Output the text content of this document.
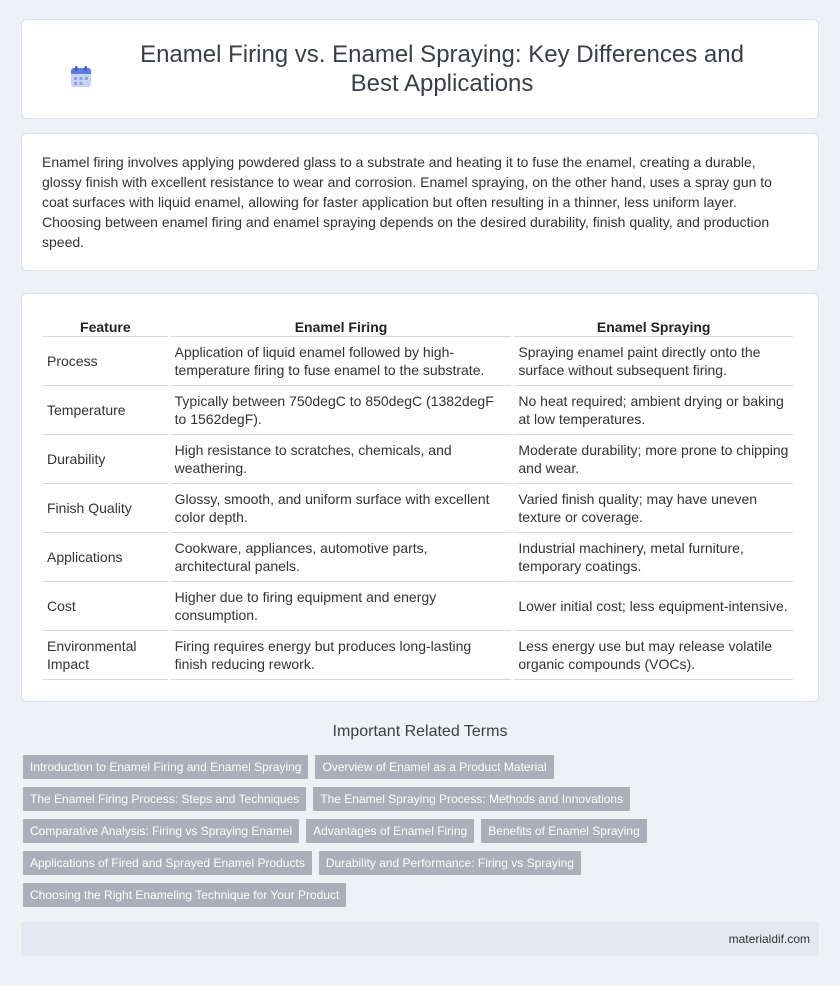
Enamel Firing vs. Enamel Spraying: Key Differences and Best Applications

Enamel firing involves applying powdered glass to a substrate and heating it to fuse the enamel, creating a durable, glossy finish with excellent resistance to wear and corrosion. Enamel spraying, on the other hand, uses a spray gun to coat surfaces with liquid enamel, allowing for faster application but often resulting in a thinner, less uniform layer. Choosing between enamel firing and enamel spraying depends on the desired durability, finish quality, and production speed.

Feature	Enamel Firing	Enamel Spraying
Process	Application of liquid enamel followed by high-temperature firing to fuse enamel to the substrate.	Spraying enamel paint directly onto the surface without subsequent firing.
Temperature	Typically between 750degC to 850degC (1382degF to 1562degF).	No heat required; ambient drying or baking at low temperatures.
Durability	High resistance to scratches, chemicals, and weathering.	Moderate durability; more prone to chipping and wear.
Finish Quality	Glossy, smooth, and uniform surface with excellent color depth.	Varied finish quality; may have uneven texture or coverage.
Applications	Cookware, appliances, automotive parts, architectural panels.	Industrial machinery, metal furniture, temporary coatings.
Cost	Higher due to firing equipment and energy consumption.	Lower initial cost; less equipment-intensive.
Environmental Impact	Firing requires energy but produces long-lasting finish reducing rework.	Less energy use but may release volatile organic compounds (VOCs).
Important Related Terms
Introduction to Enamel Firing and Enamel Spraying	Overview of Enamel as a Product Material
The Enamel Firing Process: Steps and Techniques	The Enamel Spraying Process: Methods and Innovations
Comparative Analysis: Firing vs Spraying Enamel	Advantages of Enamel Firing	Benefits of Enamel Spraying
Applications of Fired and Sprayed Enamel Products	Durability and Performance: Firing vs Spraying
Choosing the Right Enameling Technique for Your Product
materialdif.com
